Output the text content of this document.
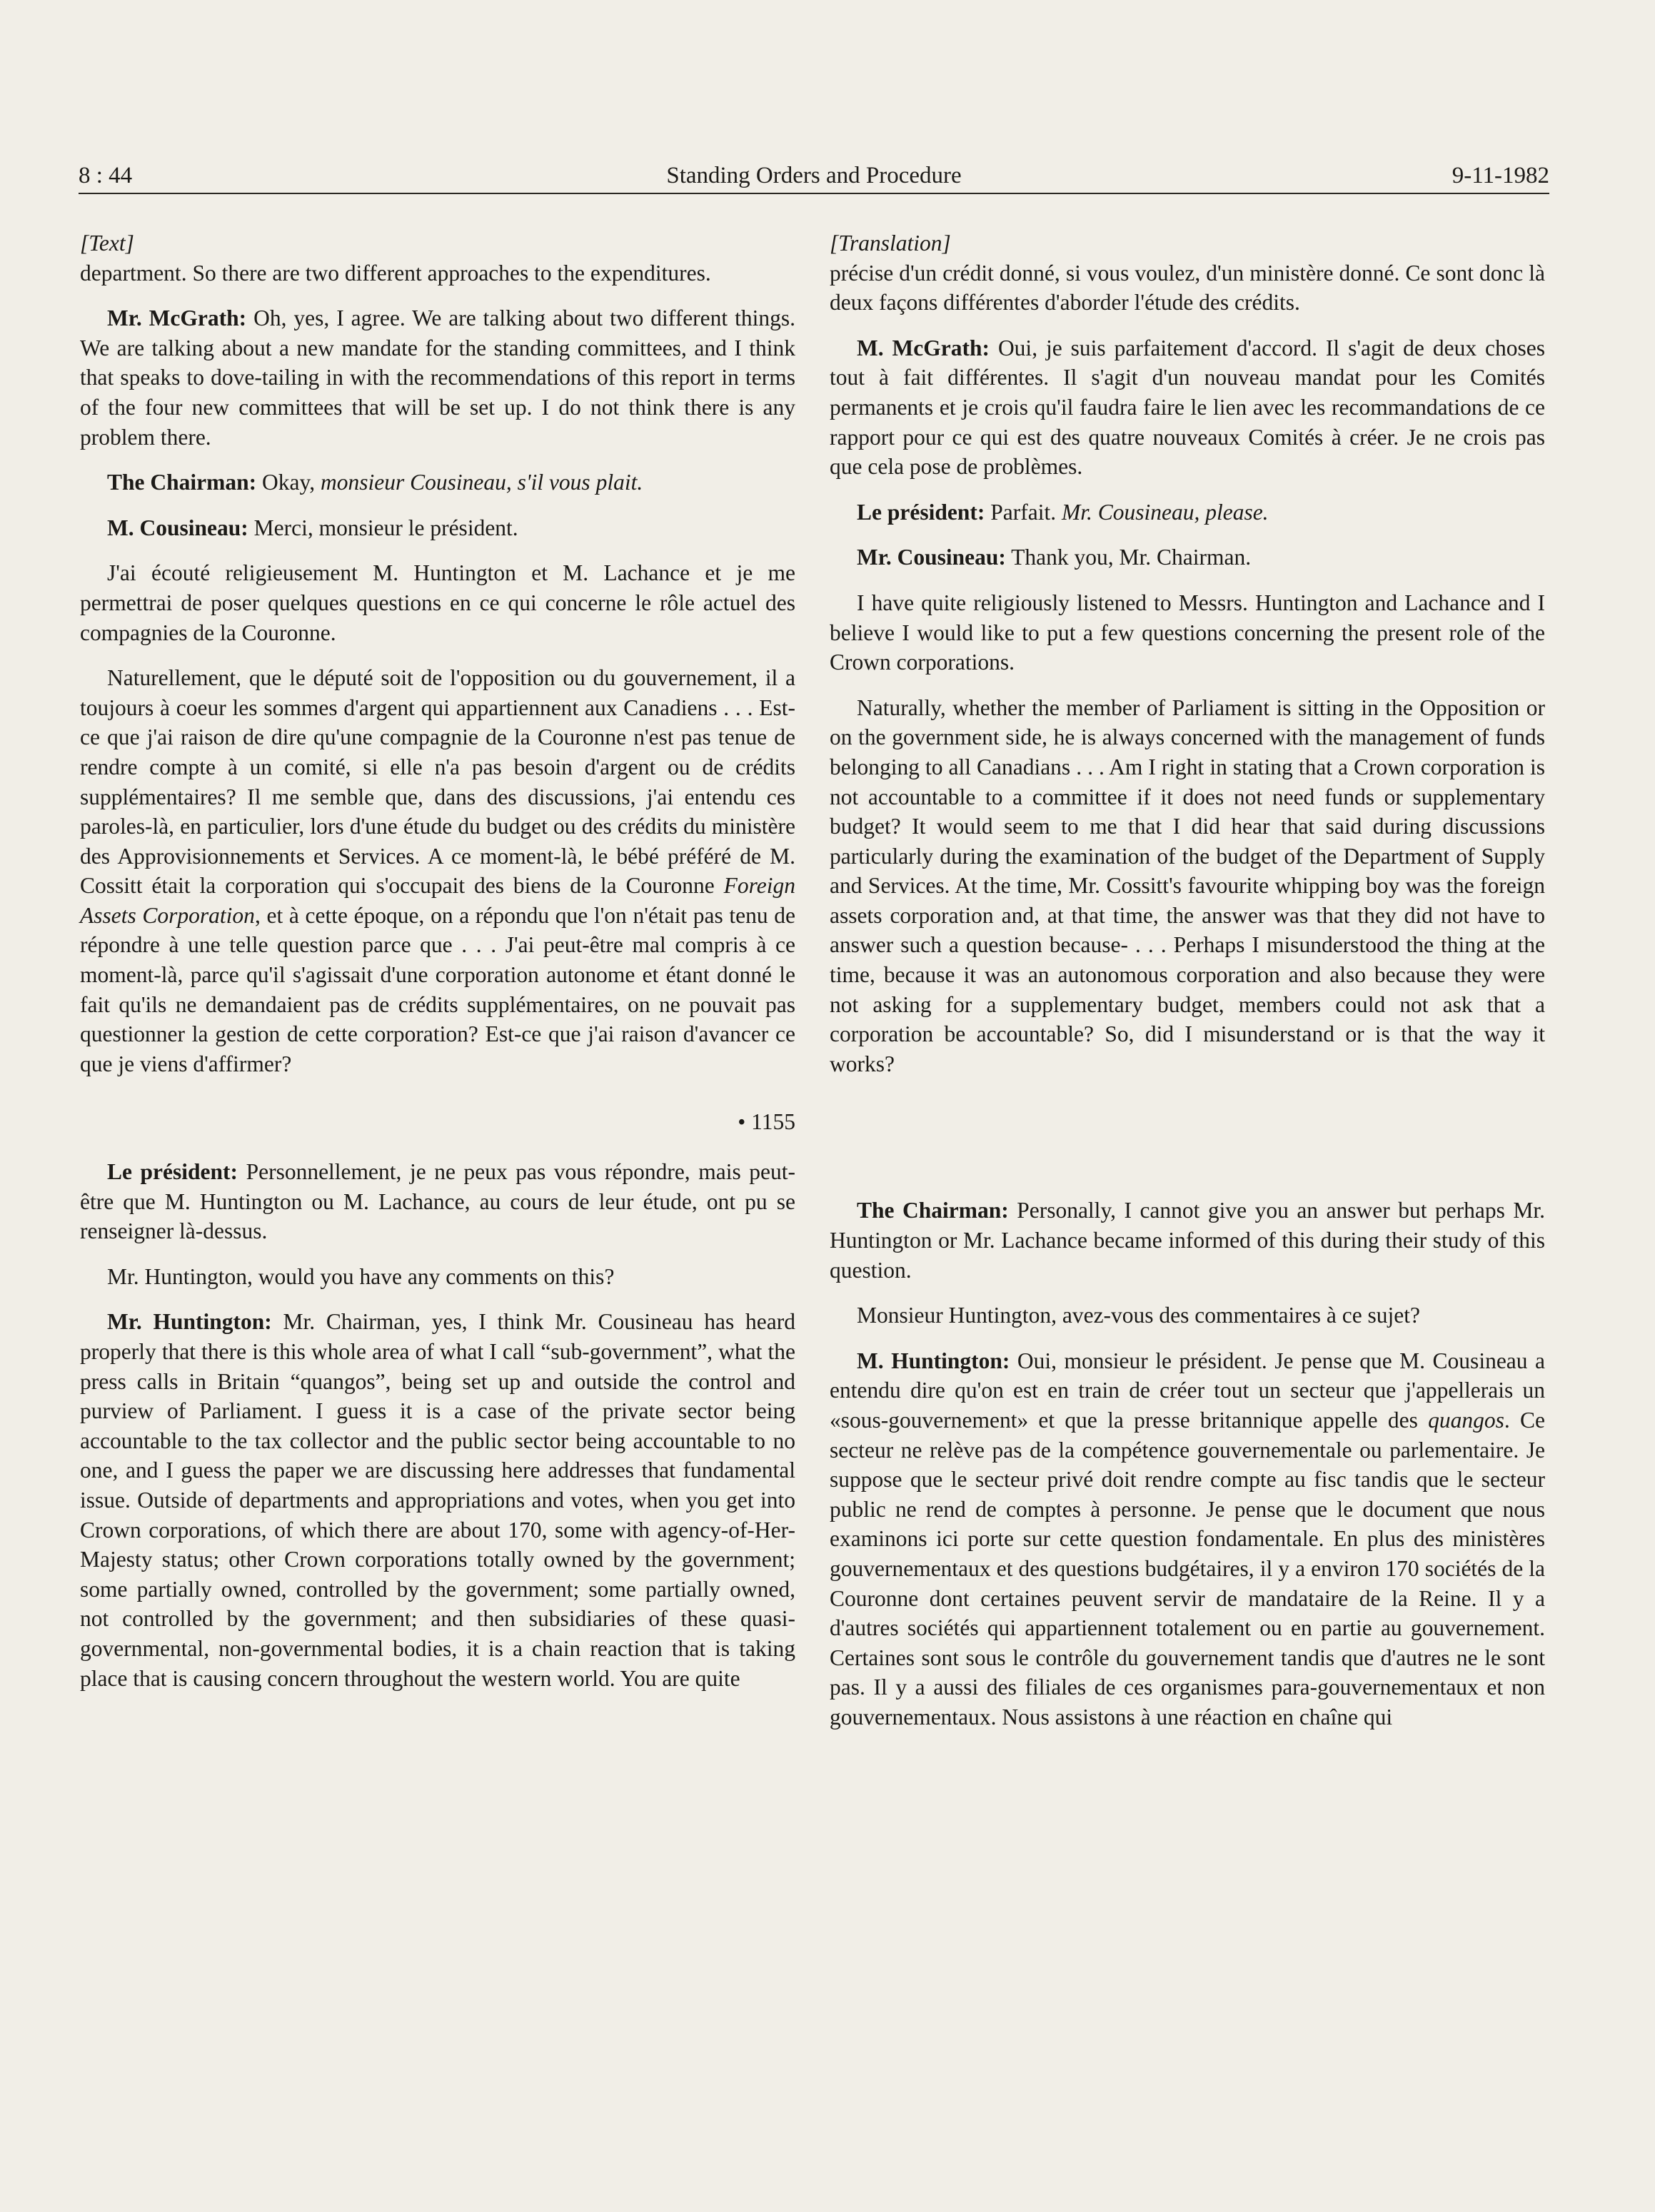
8 : 44	Standing Orders and Procedure	9-11-1982

[Text]

department. So there are two different approaches to the expenditures.

Mr. McGrath: Oh, yes, I agree. We are talking about two different things. We are talking about a new mandate for the standing committees, and I think that speaks to dove-tailing in with the recommendations of this report in terms of the four new committees that will be set up. I do not think there is any problem there.

The Chairman: Okay, monsieur Cousineau, s'il vous plait.

M. Cousineau: Merci, monsieur le président.

J'ai écouté religieusement M. Huntington et M. Lachance et je me permettrai de poser quelques questions en ce qui concerne le rôle actuel des compagnies de la Couronne.

Naturellement, que le député soit de l'opposition ou du gouvernement, il a toujours à coeur les sommes d'argent qui appartiennent aux Canadiens . . . Est-ce que j'ai raison de dire qu'une compagnie de la Couronne n'est pas tenue de rendre compte à un comité, si elle n'a pas besoin d'argent ou de crédits supplémentaires? Il me semble que, dans des discussions, j'ai entendu ces paroles-là, en particulier, lors d'une étude du budget ou des crédits du ministère des Approvisionnements et Services. A ce moment-là, le bébé préféré de M. Cossitt était la corporation qui s'occupait des biens de la Couronne Foreign Assets Corporation, et à cette époque, on a répondu que l'on n'était pas tenu de répondre à une telle question parce que . . . J'ai peut-être mal compris à ce moment-là, parce qu'il s'agissait d'une corporation autonome et étant donné le fait qu'ils ne demandaient pas de crédits supplémentaires, on ne pouvait pas questionner la gestion de cette corporation? Est-ce que j'ai raison d'avancer ce que je viens d'affirmer?

• 1155

Le président: Personnellement, je ne peux pas vous répondre, mais peut-être que M. Huntington ou M. Lachance, au cours de leur étude, ont pu se renseigner là-dessus.

Mr. Huntington, would you have any comments on this?

Mr. Huntington: Mr. Chairman, yes, I think Mr. Cousineau has heard properly that there is this whole area of what I call “sub-government”, what the press calls in Britain “quangos”, being set up and outside the control and purview of Parliament. I guess it is a case of the private sector being accountable to the tax collector and the public sector being accountable to no one, and I guess the paper we are discussing here addresses that fundamental issue. Outside of departments and appropriations and votes, when you get into Crown corporations, of which there are about 170, some with agency-of-Her-Majesty status; other Crown corporations totally owned by the government; some partially owned, controlled by the government; some partially owned, not controlled by the government; and then subsidiaries of these quasi-governmental, non-governmental bodies, it is a chain reaction that is taking place that is causing concern throughout the western world. You are quite

[Translation]

précise d'un crédit donné, si vous voulez, d'un ministère donné. Ce sont donc là deux façons différentes d'aborder l'étude des crédits.

M. McGrath: Oui, je suis parfaitement d'accord. Il s'agit de deux choses tout à fait différentes. Il s'agit d'un nouveau mandat pour les Comités permanents et je crois qu'il faudra faire le lien avec les recommandations de ce rapport pour ce qui est des quatre nouveaux Comités à créer. Je ne crois pas que cela pose de problèmes.

Le président: Parfait. Mr. Cousineau, please.

Mr. Cousineau: Thank you, Mr. Chairman.

I have quite religiously listened to Messrs. Huntington and Lachance and I believe I would like to put a few questions concerning the present role of the Crown corporations.

Naturally, whether the member of Parliament is sitting in the Opposition or on the government side, he is always concerned with the management of funds belonging to all Canadians . . . Am I right in stating that a Crown corporation is not accountable to a committee if it does not need funds or supplementary budget? It would seem to me that I did hear that said during discussions particularly during the examination of the budget of the Department of Supply and Services. At the time, Mr. Cossitt's favourite whipping boy was the foreign assets corporation and, at that time, the answer was that they did not have to answer such a question because- . . . Perhaps I misunderstood the thing at the time, because it was an autonomous corporation and also because they were not asking for a supplementary budget, members could not ask that a corporation be accountable? So, did I misunderstand or is that the way it works?

The Chairman: Personally, I cannot give you an answer but perhaps Mr. Huntington or Mr. Lachance became informed of this during their study of this question.

Monsieur Huntington, avez-vous des commentaires à ce sujet?

M. Huntington: Oui, monsieur le président. Je pense que M. Cousineau a entendu dire qu'on est en train de créer tout un secteur que j'appellerais un «sous-gouvernement» et que la presse britannique appelle des quangos. Ce secteur ne relève pas de la compétence gouvernementale ou parlementaire. Je suppose que le secteur privé doit rendre compte au fisc tandis que le secteur public ne rend de comptes à personne. Je pense que le document que nous examinons ici porte sur cette question fondamentale. En plus des ministères gouvernementaux et des questions budgétaires, il y a environ 170 sociétés de la Couronne dont certaines peuvent servir de mandataire de la Reine. Il y a d'autres sociétés qui appartiennent totalement ou en partie au gouvernement. Certaines sont sous le contrôle du gouvernement tandis que d'autres ne le sont pas. Il y a aussi des filiales de ces organismes para-gouvernementaux et non gouvernementaux. Nous assistons à une réaction en chaîne qui
